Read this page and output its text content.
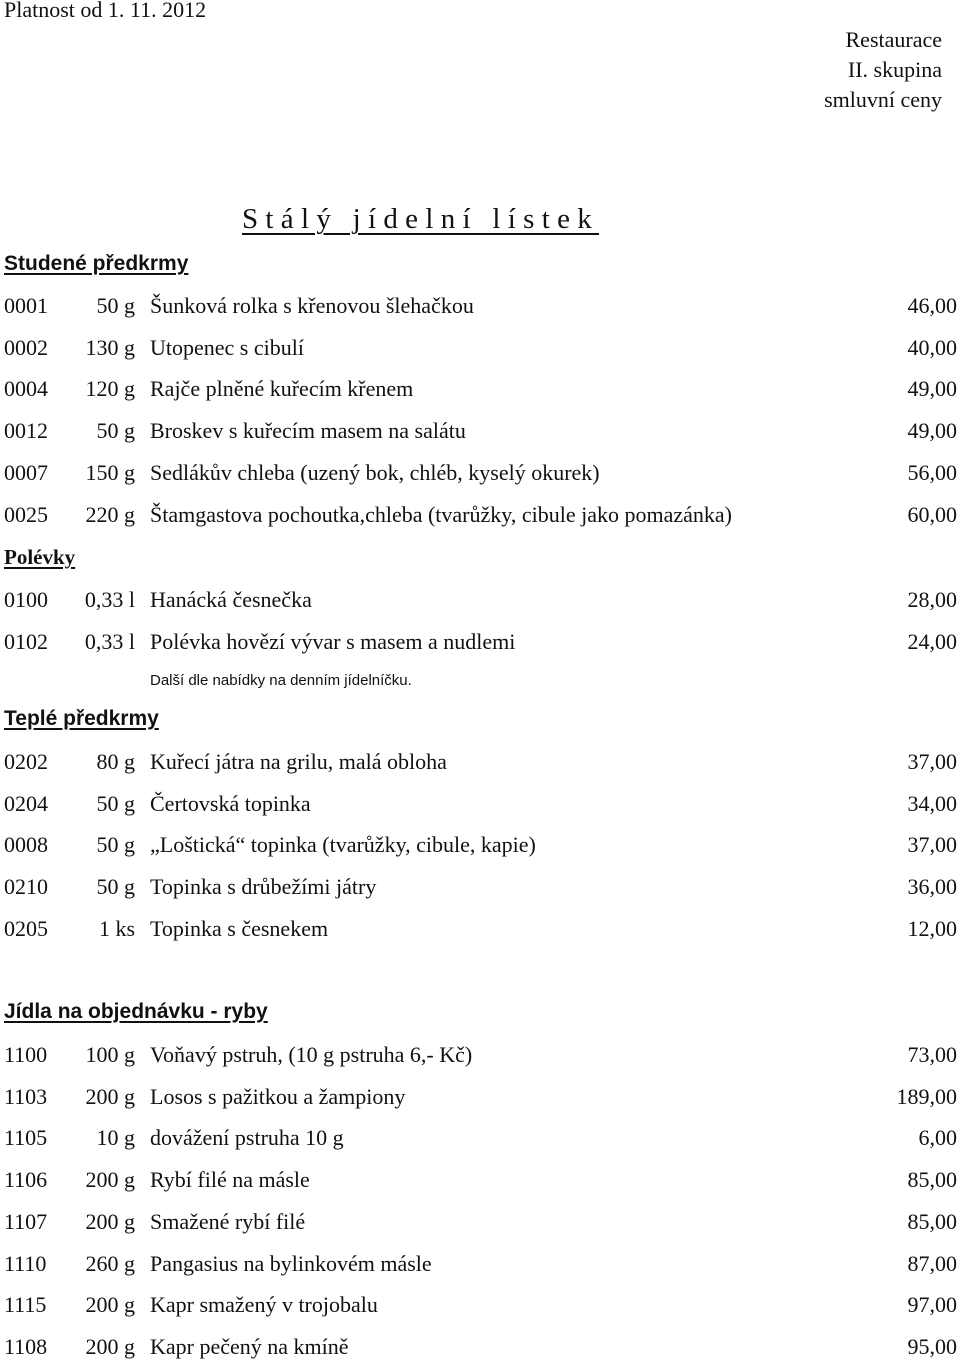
Platnost od 1. 11. 2012
Restaurace
II. skupina
smluvní ceny
Stálý jídelní lístek
Studené předkrmy
0001 50 g Šunková rolka s křenovou šlehačkou	46,00
0002 130 g Utopenec s cibulí	40,00
0004 120 g Rajče plněné kuřecím křenem	49,00
0012 50 g Broskev s kuřecím masem na salátu	49,00
0007 150 g Sedlákův chleba (uzený bok, chléb, kyselý okurek)	56,00
0025 220 g Štamgastova pochoutka,chleba (tvarůžky, cibule jako pomazánka)	60,00
Polévky
0100 0,33 l Hanácká česnečka	28,00
0102 0,33 l Polévka hovězí vývar s masem a nudlemi	24,00
Další dle nabídky na denním jídelníčku.
Teplé předkrmy
0202 80 g Kuřecí játra na grilu, malá obloha	37,00
0204 50 g Čertovská topinka	34,00
0008 50 g „Loštická“ topinka (tvarůžky, cibule, kapie)	37,00
0210 50 g Topinka s drůbežími játry	36,00
0205 1 ks Topinka s česnekem	12,00
Jídla na objednávku - ryby
1100 100 g Voňavý pstruh, (10 g pstruha 6,- Kč)	73,00
1103 200 g Losos s pažitkou a žampiony	189,00
1105 10 g dovážení pstruha 10 g	6,00
1106 200 g Rybí filé na másle	85,00
1107 200 g Smažené rybí filé	85,00
1110 260 g Pangasius na bylinkovém másle	87,00
1115 200 g Kapr smažený v trojobalu	97,00
1108 200 g Kapr pečený na kmíně	95,00
